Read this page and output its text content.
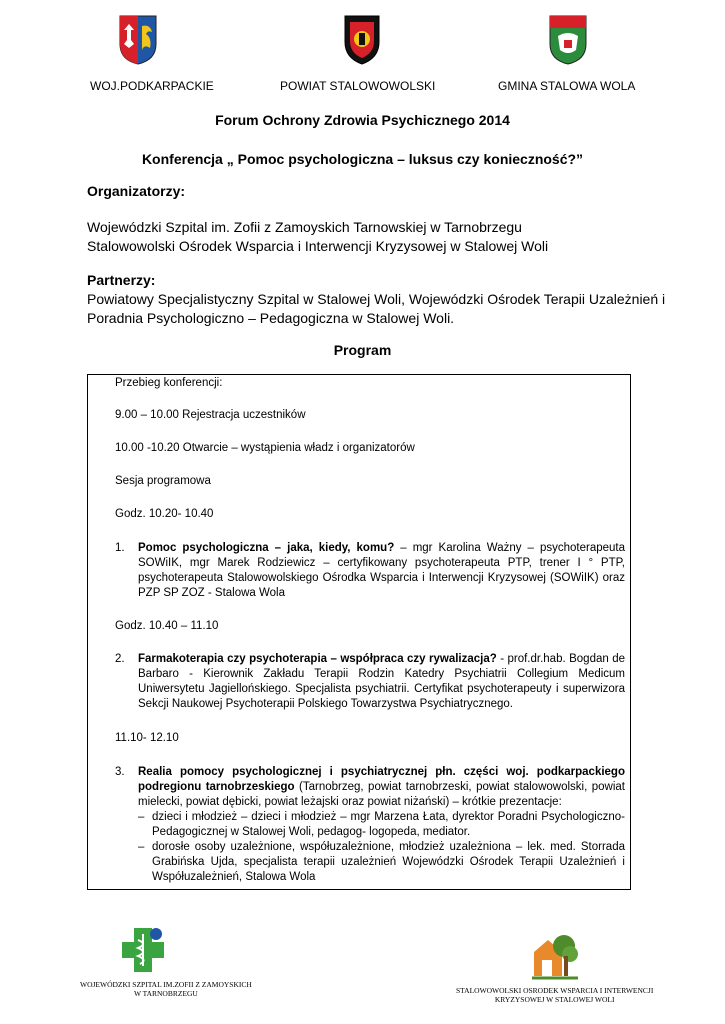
WOJ.PODKARPACKIE	POWIAT STALOWOWOLSKI	GMINA STALOWA WOLA
Forum Ochrony Zdrowia Psychicznego 2014
Konferencja „ Pomoc psychologiczna – luksus czy konieczność?”
Organizatorzy:
Wojewódzki Szpital im. Zofii z Zamoyskich Tarnowskiej w Tarnobrzegu
Stalowowolski Ośrodek Wsparcia i Interwencji Kryzysowej w Stalowej Woli
Partnerzy:
Powiatowy Specjalistyczny Szpital w Stalowej Woli, Wojewódzki Ośrodek Terapii Uzależnień i
Poradnia Psychologiczno – Pedagogiczna w Stalowej Woli.
Program
Przebieg konferencji:
9.00 – 10.00 Rejestracja uczestników
10.00 -10.20 Otwarcie – wystąpienia władz i organizatorów
Sesja programowa
Godz. 10.20- 10.40
1. Pomoc psychologiczna – jaka, kiedy, komu? – mgr Karolina Ważny – psychoterapeuta SOWiIK, mgr Marek Rodziewicz – certyfikowany psychoterapeuta PTP, trener I ° PTP, psychoterapeuta Stalowowolskiego Ośrodka Wsparcia i Interwencji Kryzysowej (SOWiIK) oraz PZP SP ZOZ - Stalowa Wola
Godz. 10.40 – 11.10
2. Farmakoterapia czy psychoterapia – współpraca czy rywalizacja? - prof.dr.hab. Bogdan de Barbaro - Kierownik Zakładu Terapii Rodzin Katedry Psychiatrii Collegium Medicum Uniwersytetu Jagiellońskiego. Specjalista psychiatrii. Certyfikat psychoterapeuty i superwizora Sekcji Naukowej Psychoterapii Polskiego Towarzystwa Psychiatrycznego.
11.10- 12.10
3. Realia pomocy psychologicznej i psychiatrycznej płn. części woj. podkarpackiego podregionu tarnobrzeskiego (Tarnobrzeg, powiat tarnobrzeski, powiat stalowowolski, powiat mielecki, powiat dębicki, powiat leżajski oraz powiat niżański) – krótkie prezentacje:
– dzieci i młodzież – dzieci i młodzież – mgr Marzena Łata, dyrektor Poradni Psychologiczno-Pedagogicznej w Stalowej Woli, pedagog- logopeda, mediator.
– dorosłe osoby uzależnione, współuzależnione, młodzież uzależniona – lek. med. Storrada Grabińska Ujda, specjalista terapii uzależnień Wojewódzki Ośrodek Terapii Uzależnień i Współuzależnień, Stalowa Wola
WOJEWÓDZKI SZPITAL IM.ZOFII Z ZAMOYSKICH
W TARNOBRZEGU	STALOWOWOLSKI OSRODEK WSPARCIA I INTERWENCJI
KRYZYSOWEJ W STALOWEJ WOLI
